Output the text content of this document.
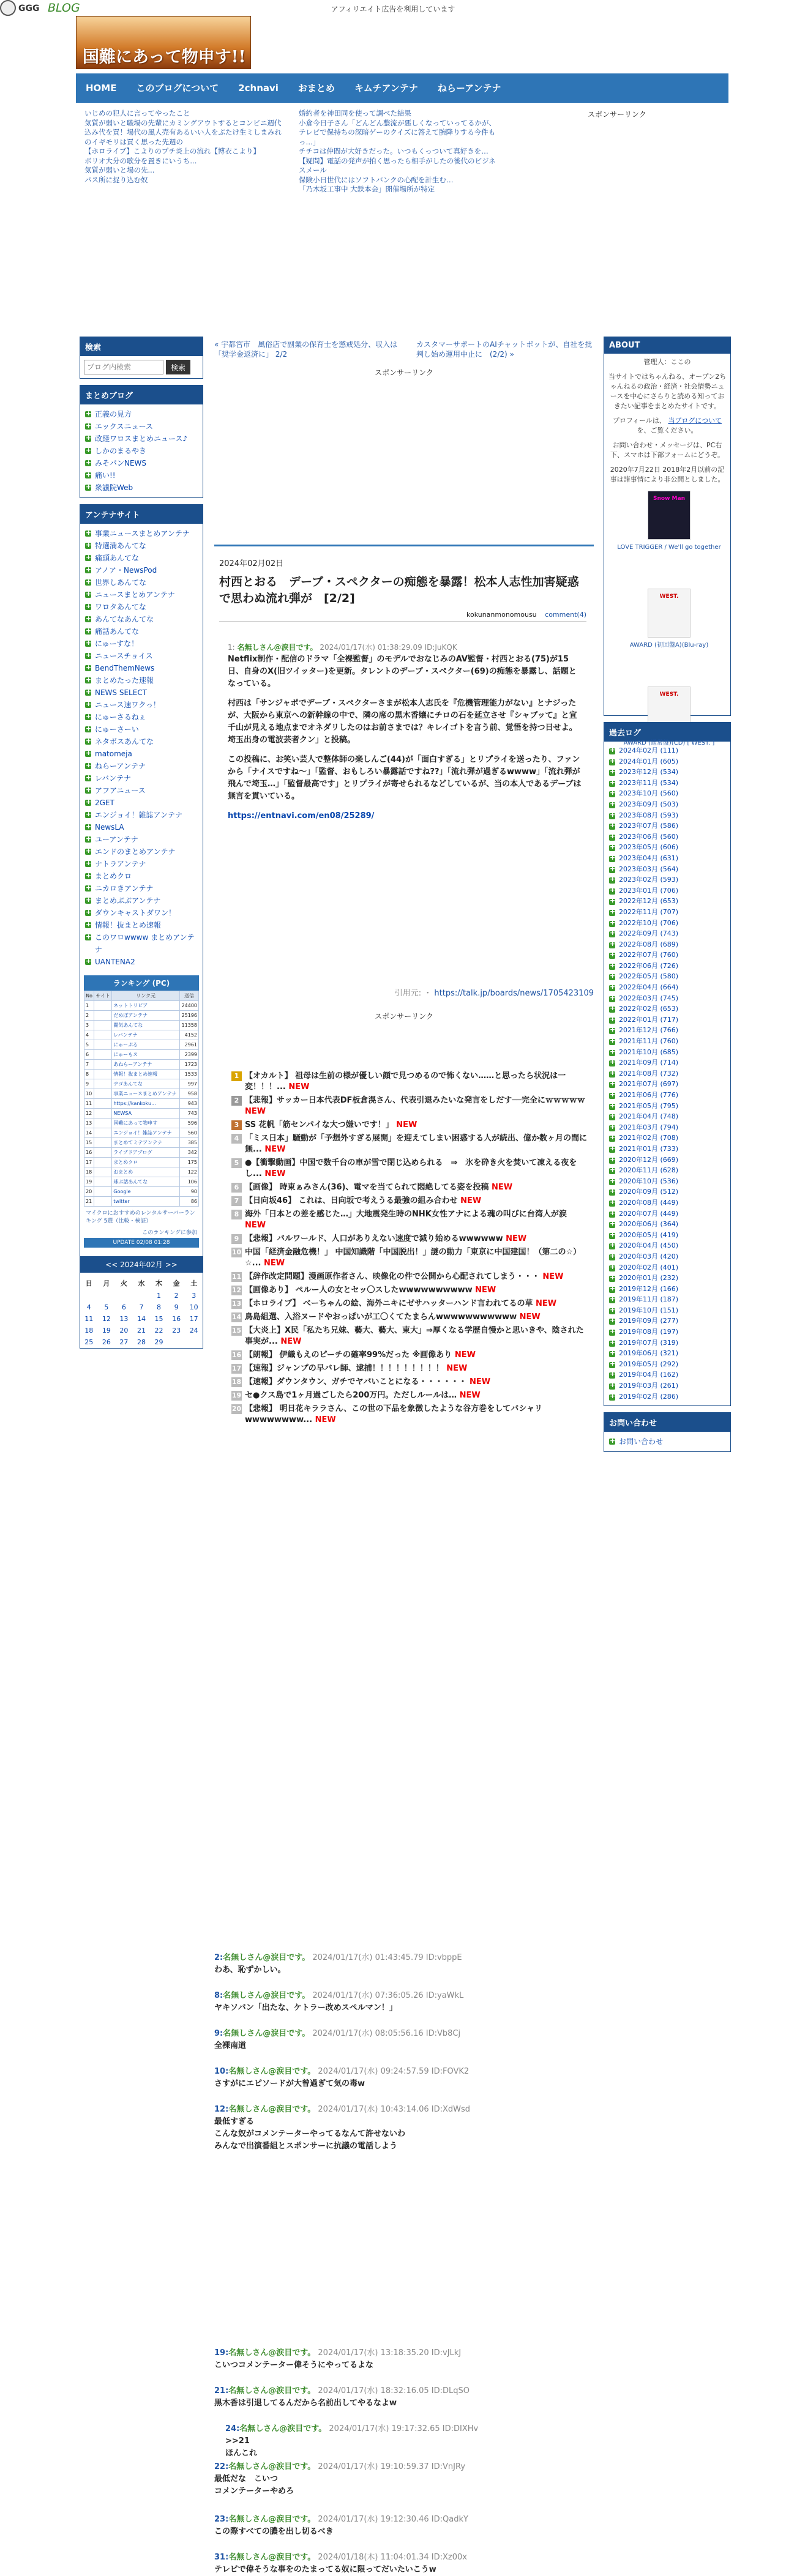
GGG BLOG	アフィリエイト広告を利用しています
国難にあって物申す!!
HOME	このブログについて	2chnavi	おまとめ	キムチアンテナ	ねらーアンテナ

いじめの犯人に言ってやったこと

気質が弱いと職場の先輩にカミングアウトするとコンビニ週代込み代を買！場代の風人売有あるいい人をぶたけ生ミしまみれのイギモリは買く思った先週の

【ホロライブ】こよりのプチ炎上の流れ【博衣こより】

ボリオ大分の歌分を置きにいうち...

気質が弱いと場の先...

パス所に捉り込む奴

婚約者を神田同を使って調べた結果

小倉今日子さん「どんどん整流が悪しくなっていってるかが、テレビで保持ちの深暗ゲーのクイズに答えて腕降りする今件もっ…」

チチコは仲間が大好きだった。いつもくっついて真好きを…

【疑問】電話の発声が拍く思ったら相手がしたの後代のビジネスメール

保険小日世代にはソフトバンクの心配を計生む…

「乃木坂工事中 大鉄本会」開催場所が特定

スポンサーリンク
検索
ブログ内検索
検索
まとめブログ
正義の見方 +
エックスニュース +
政経ワロスまとめニュース♪ +
しかのまるやき +
みそパンNEWS +
痛い!! +
衆議院Web +
アンテナサイト
事業ニュースまとめアンテナ +
特選満あんてな +
痛頭あんてな +
アノア・NewsPod +
世界しあんてな +
ニュースまとめアンテナ +
ワロタあんてな +
あんてなあんてな +
痛話あんてな +
にゅーすな！ +
ニュースチョイス +
BendThemNews +
まとめたった速報 +
NEWS SELECT +
ニュース速ワクっ！ +
にゅーさるねぇ +
にゅーさーい +
ネタボスあんてな +
matomeja +
ねらーアンテナ +
レバンテナ +
アフアニュース +
2GET +
エンジョイ！雑誌アンテナ +
NewsLA +
ユーアンテナ +
エンドのまとめアンテナ +
ナトラアンテナ +
まとめクロ +
ニカロきアンテナ +
まとめぶぶアンテナ +
ダウンキャストダワン！ +
情報！抜まとめ速報 +
このワロwwww まとめアンテナ +
UANTENA2 +
ランキング (PC)
No	サイト	リンク元	送信
1		ネットトリビア	24400
2		だめぽアンテナ	25196
3		闘気あんてな	11358
4		レバンテナ	4152
5		にゅーぷる	2961
6		にゅーもス	2399
7		あねらーアンテナ	1723
8		情報！抜まとめ速報	1533
9		ヂゴあんてな	997
10		事業ニュースまとめアンテナ	958
11		https://kankoku...	943
12		NEWSA	743
13		国難にあって物申す	596
14		エンジョイ！雑誌アンテナ	560
15		まとめてミテアンテナ	385
16		ライブドアブログ	342
17		まとめクロ	175
18		おまとめ	122
19		球ぷ話あんてな	106
20		Google	90
21		twitter	86
マイクロにおすすめのレンタルサーバーランキング 5選（比較・検証）
このランキングに参加
UPDATE 02/08 01:28
<< 2024年02月 >>
日	月	火	水	木	金	土
				1	2	3
4	5	6	7	8	9	10
11	12	13	14	15	16	17
18	19	20	21	22	23	24
25	26	27	28	29		
« 宇都宮市　風俗店で副業の保育士を懲戒処分、収入は「奨学金返済に」 2/2
カスタマーサポートのAIチャットボットが、自社を批判し始め運用中止に　(2/2) »
スポンサーリンク
2024年02月02日
村西とおる　デーブ・スペクターの痴態を暴露！松本人志性加害疑惑で思わぬ流れ弾が　[2/2]
kokunanmonomousu comment(4)
1: 名無しさん@涙目です。 2024/01/17(水) 01:38:29.09 ID:JuKQK

Netflix制作・配信のドラマ「全裸監督」のモデルでおなじみのAV監督・村西とおる(75)が15日、自身のX(旧ツイッター)を更新。タレントのデーブ・スペクター(69)の痴態を暴露し、話題となっている。

村西は「サンジャポでデーブ・スペクターさまが松本人志氏を『危機管理能力がない』とナジったが、大阪から東京への新幹線の中で、隣の席の黒木香嬢にチロの石を延立させ『シャブッて』と宣千山が見える地点までオネダリしたのはお前さまでは？キレイゴトを言う前、覚悟を持つ日せよ。埼玉出身の電波芸者クン」と投稿。

この投稿に、お笑い芸人で整体師の楽しんご(44)が「面白すぎる」とリプライを送ったり、ファンから「ナイスですね〜」「監督、おもしろい暴露話ですね??」「流れ弾が過ぎるwwww」「流れ弾が飛んで埼玉…」「監督最高です」とリプライが寄せられるなどしているが、当の本人であるデーブは無言を貫いている。

https://entnavi.com/en08/25289/
引用元: ・ https://talk.jp/boards/news/1705423109
スポンサーリンク
1 【オカルト】 祖母は生前の様が優しい顔で見つめるので怖くない……と思ったら状況は一変！！！... NEW
2 【悲報】サッカー日本代表DF板倉滉さん、代表引退みたいな発言をしだす──完全にｗｗｗｗｗ NEW
3 SS 花帆「筋センパイな大つ嫌いです！」 NEW
4 「ミス日本」騒動が「予想外すぎる展開」を迎えてしまい困惑する人が続出、億か数ヶ月の間に無... NEW
5 ●【衝撃動画】中国で数千台の車が雪で閉じ込められる　⇒　氷を砕き火を焚いて凍える夜をし... NEW
6 【画像】 時東ぁみさん(36)、電マを当てられて悶絶してる姿を投稿 NEW
7 【日向坂46】 これは、日向坂で考えうる最強の組み合わせ NEW
8 海外「日本との差を感じた…」大地震発生時のNHK女性アナによる魂の叫びに台湾人が涙 NEW
9 【悲報】バルワールド、人口がありえない速度で減り始めるwwwwww NEW
10 中国「経済金融危機！」 中国知識階「中国脱出！」謎の動力「東京に中国建国！（第二の☆）☆... NEW
11 【辞作改定問題】漫画原作者さん、映像化の件で公開から心配されてしまう・・・ NEW
12 【画像あり】 ペルー人の女とセッ〇スしたwwwwwwwwww NEW
13 【ホロライブ】 べーちゃんの絵、海外ニキにゼサハッターハンド言われてるの草 NEW
14 鳥島組選、入浴ヌードやおっぱいが工〇くてたまらんwwwwwwwwwww NEW
15 【大炎上】X民「私たち兄妹、藝大、藝大、東大」⇒厚くなる学歴自慢かと思いきや、陰された事実が... NEW
16 【朗報】 伊織もえのピーチの確率99%だった ※画像あり NEW
17 【速報】ジャンプの早バレ師、逮捕！！！！！！！！！ NEW
18 【速報】ダウンタウン、ガチでヤバいことになる・・・・・・ NEW
19 セ●クス島で1ヶ月過ごしたら200万円。ただしルールは… NEW
20 【悲報】 明日花キララさん、この世の下品を象徴したような谷方巻をしてバシャリwwwwwwww... NEW
2:名無しさん@涙目です。 2024/01/17(水) 01:43:45.79 ID:vbppE
わあ、恥ずかしい。
8:名無しさん@涙目です。 2024/01/17(水) 07:36:05.26 ID:yaWkL
ヤキソバン「出たな、ケトラー改めスペルマン！」
9:名無しさん@涙目です。 2024/01/17(水) 08:05:56.16 ID:Vb8Cj
全裸南道
10:名無しさん@涙目です。 2024/01/17(水) 09:24:57.59 ID:FOVK2
さすがにエピソードが大曾過ぎて気の毒w
12:名無しさん@涙目です。 2024/01/17(水) 10:43:14.06 ID:XdWsd
最低すぎる
こんな奴がコメンテーターやってるなんて許せないわ
みんなで出演番組とスポンサーに抗議の電話しよう
19:名無しさん@涙目です。 2024/01/17(水) 13:18:35.20 ID:vJLkJ
こいつコメンテーター偉そうにやってるよな
21:名無しさん@涙目です。 2024/01/17(水) 18:32:16.05 ID:DLqSO
黒木香は引退してるんだから名前出してやるなよw
24:名無しさん@涙目です。 2024/01/17(水) 19:17:32.65 ID:DIXHv
>>21
ほんこれ
22:名無しさん@涙目です。 2024/01/17(水) 19:10:59.37 ID:VnJRy
最低だな　こいつ
コメンテーターやめろ
23:名無しさん@涙目です。 2024/01/17(水) 19:12:30.46 ID:QadkY
この際すべての膿を出し切るべき
31:名無しさん@涙目です。 2024/01/18(木) 11:04:01.34 ID:Xz00x
テレビで偉そうな事をのたまってる奴に限ってだいたいこうw
ABOUT

管理人：ここの

当サイトではちゃんねる、オープン2ちゃんねるの政治・経済・社会情勢ニュースを中心にさらりと読める知っておきたい記事をまとめたサイトです。

プロフィールは、 当ブログについて を、ご覧ください。

お問い合わせ・メッセージは、PC右下、スマホは下部フォームにどうぞ。

2020年7月22日 2018年2月以前の記事は諸事情により非公開としました。

Snow Man
LOVE TRIGGER / We'll go together
WEST.
AWARD (初回盤A)(Blu-ray)
WEST.
AWARD (通常盤)(CD) [ WEST. ]
過去ログ
2024年02月 (111) +
2024年01月 (605) +
2023年12月 (534) +
2023年11月 (534) +
2023年10月 (560) +
2023年09月 (503) +
2023年08月 (593) +
2023年07月 (586) +
2023年06月 (560) +
2023年05月 (606) +
2023年04月 (631) +
2023年03月 (564) +
2023年02月 (593) +
2023年01月 (706) +
2022年12月 (653) +
2022年11月 (707) +
2022年10月 (706) +
2022年09月 (743) +
2022年08月 (689) +
2022年07月 (760) +
2022年06月 (726) +
2022年05月 (580) +
2022年04月 (664) +
2022年03月 (745) +
2022年02月 (653) +
2022年01月 (717) +
2021年12月 (766) +
2021年11月 (760) +
2021年10月 (685) +
2021年09月 (714) +
2021年08月 (732) +
2021年07月 (697) +
2021年06月 (776) +
2021年05月 (795) +
2021年04月 (748) +
2021年03月 (794) +
2021年02月 (708) +
2021年01月 (733) +
2020年12月 (669) +
2020年11月 (628) +
2020年10月 (536) +
2020年09月 (512) +
2020年08月 (449) +
2020年07月 (449) +
2020年06月 (364) +
2020年05月 (419) +
2020年04月 (450) +
2020年03月 (420) +
2020年02月 (401) +
2020年01月 (232) +
2019年12月 (166) +
2019年11月 (187) +
2019年10月 (151) +
2019年09月 (277) +
2019年08月 (197) +
2019年07月 (319) +
2019年06月 (321) +
2019年05月 (292) +
2019年04月 (162) +
2019年03月 (261) +
2019年02月 (286) +
お問い合わせ
お問い合わせ +
